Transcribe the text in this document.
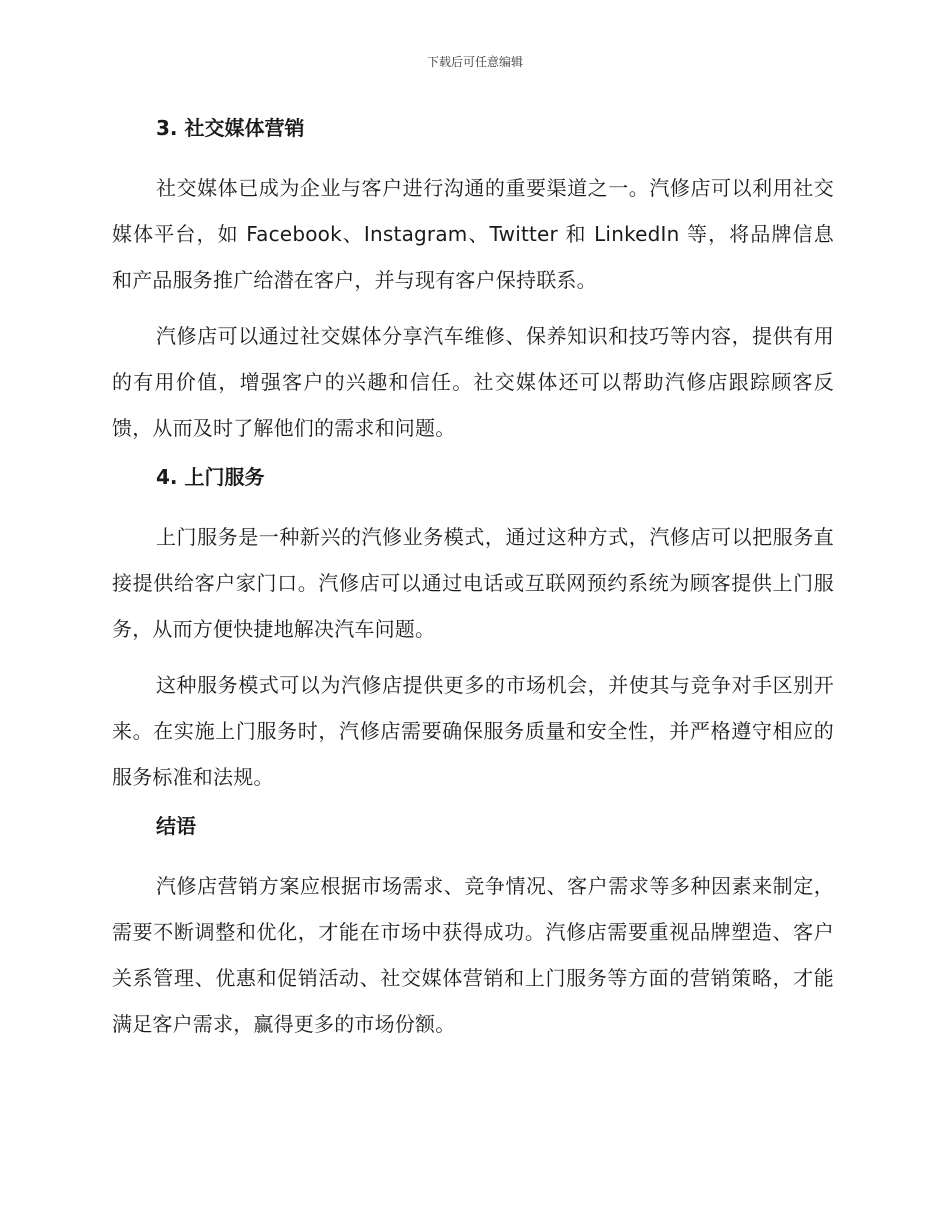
下载后可任意编辑
3. 社交媒体营销

社交媒体已成为企业与客户进行沟通的重要渠道之一。汽修店可以利用社交媒体平台，如 Facebook、Instagram、Twitter 和 LinkedIn 等，将品牌信息和产品服务推广给潜在客户，并与现有客户保持联系。

汽修店可以通过社交媒体分享汽车维修、保养知识和技巧等内容，提供有用的有用价值，增强客户的兴趣和信任。社交媒体还可以帮助汽修店跟踪顾客反馈，从而及时了解他们的需求和问题。

4. 上门服务

上门服务是一种新兴的汽修业务模式，通过这种方式，汽修店可以把服务直接提供给客户家门口。汽修店可以通过电话或互联网预约系统为顾客提供上门服务，从而方便快捷地解决汽车问题。

这种服务模式可以为汽修店提供更多的市场机会，并使其与竞争对手区别开来。在实施上门服务时，汽修店需要确保服务质量和安全性，并严格遵守相应的服务标准和法规。

结语

汽修店营销方案应根据市场需求、竞争情况、客户需求等多种因素来制定，需要不断调整和优化，才能在市场中获得成功。汽修店需要重视品牌塑造、客户关系管理、优惠和促销活动、社交媒体营销和上门服务等方面的营销策略，才能满足客户需求，赢得更多的市场份额。
